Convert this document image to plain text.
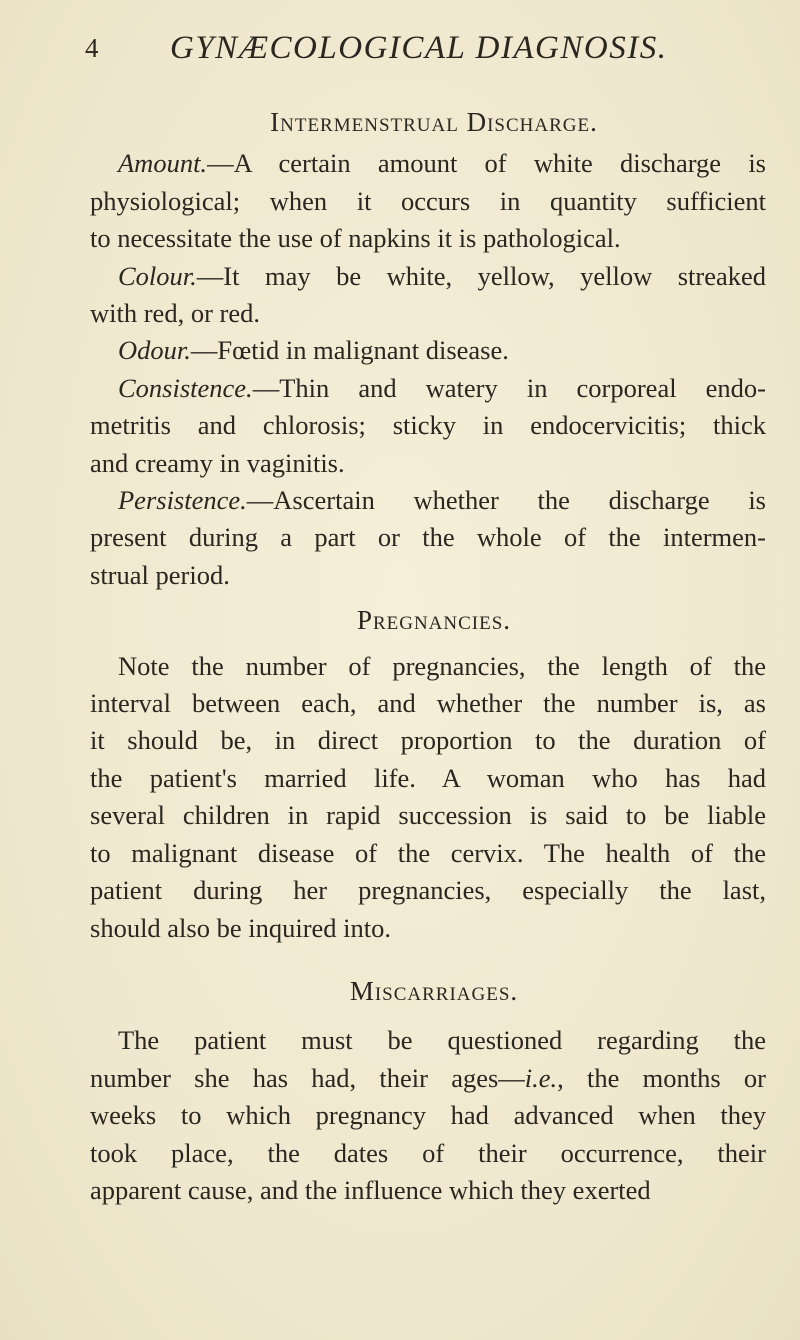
4 GYNÆCOLOGICAL DIAGNOSIS.
Intermenstrual Discharge.
Amount.—A certain amount of white discharge is
physiological; when it occurs in quantity sufficient
to necessitate the use of napkins it is pathological.
Colour.—It may be white, yellow, yellow streaked
with red, or red.
Odour.—Fœtid in malignant disease.
Consistence.—Thin and watery in corporeal endo-
metritis and chlorosis; sticky in endocervicitis; thick
and creamy in vaginitis.
Persistence.—Ascertain whether the discharge is
present during a part or the whole of the intermen-
strual period.
Pregnancies.
Note the number of pregnancies, the length of the
interval between each, and whether the number is, as
it should be, in direct proportion to the duration of
the patient's married life. A woman who has had
several children in rapid succession is said to be liable
to malignant disease of the cervix. The health of the
patient during her pregnancies, especially the last,
should also be inquired into.
Miscarriages.
The patient must be questioned regarding the
number she has had, their ages—i.e., the months or
weeks to which pregnancy had advanced when they
took place, the dates of their occurrence, their
apparent cause, and the influence which they exerted
